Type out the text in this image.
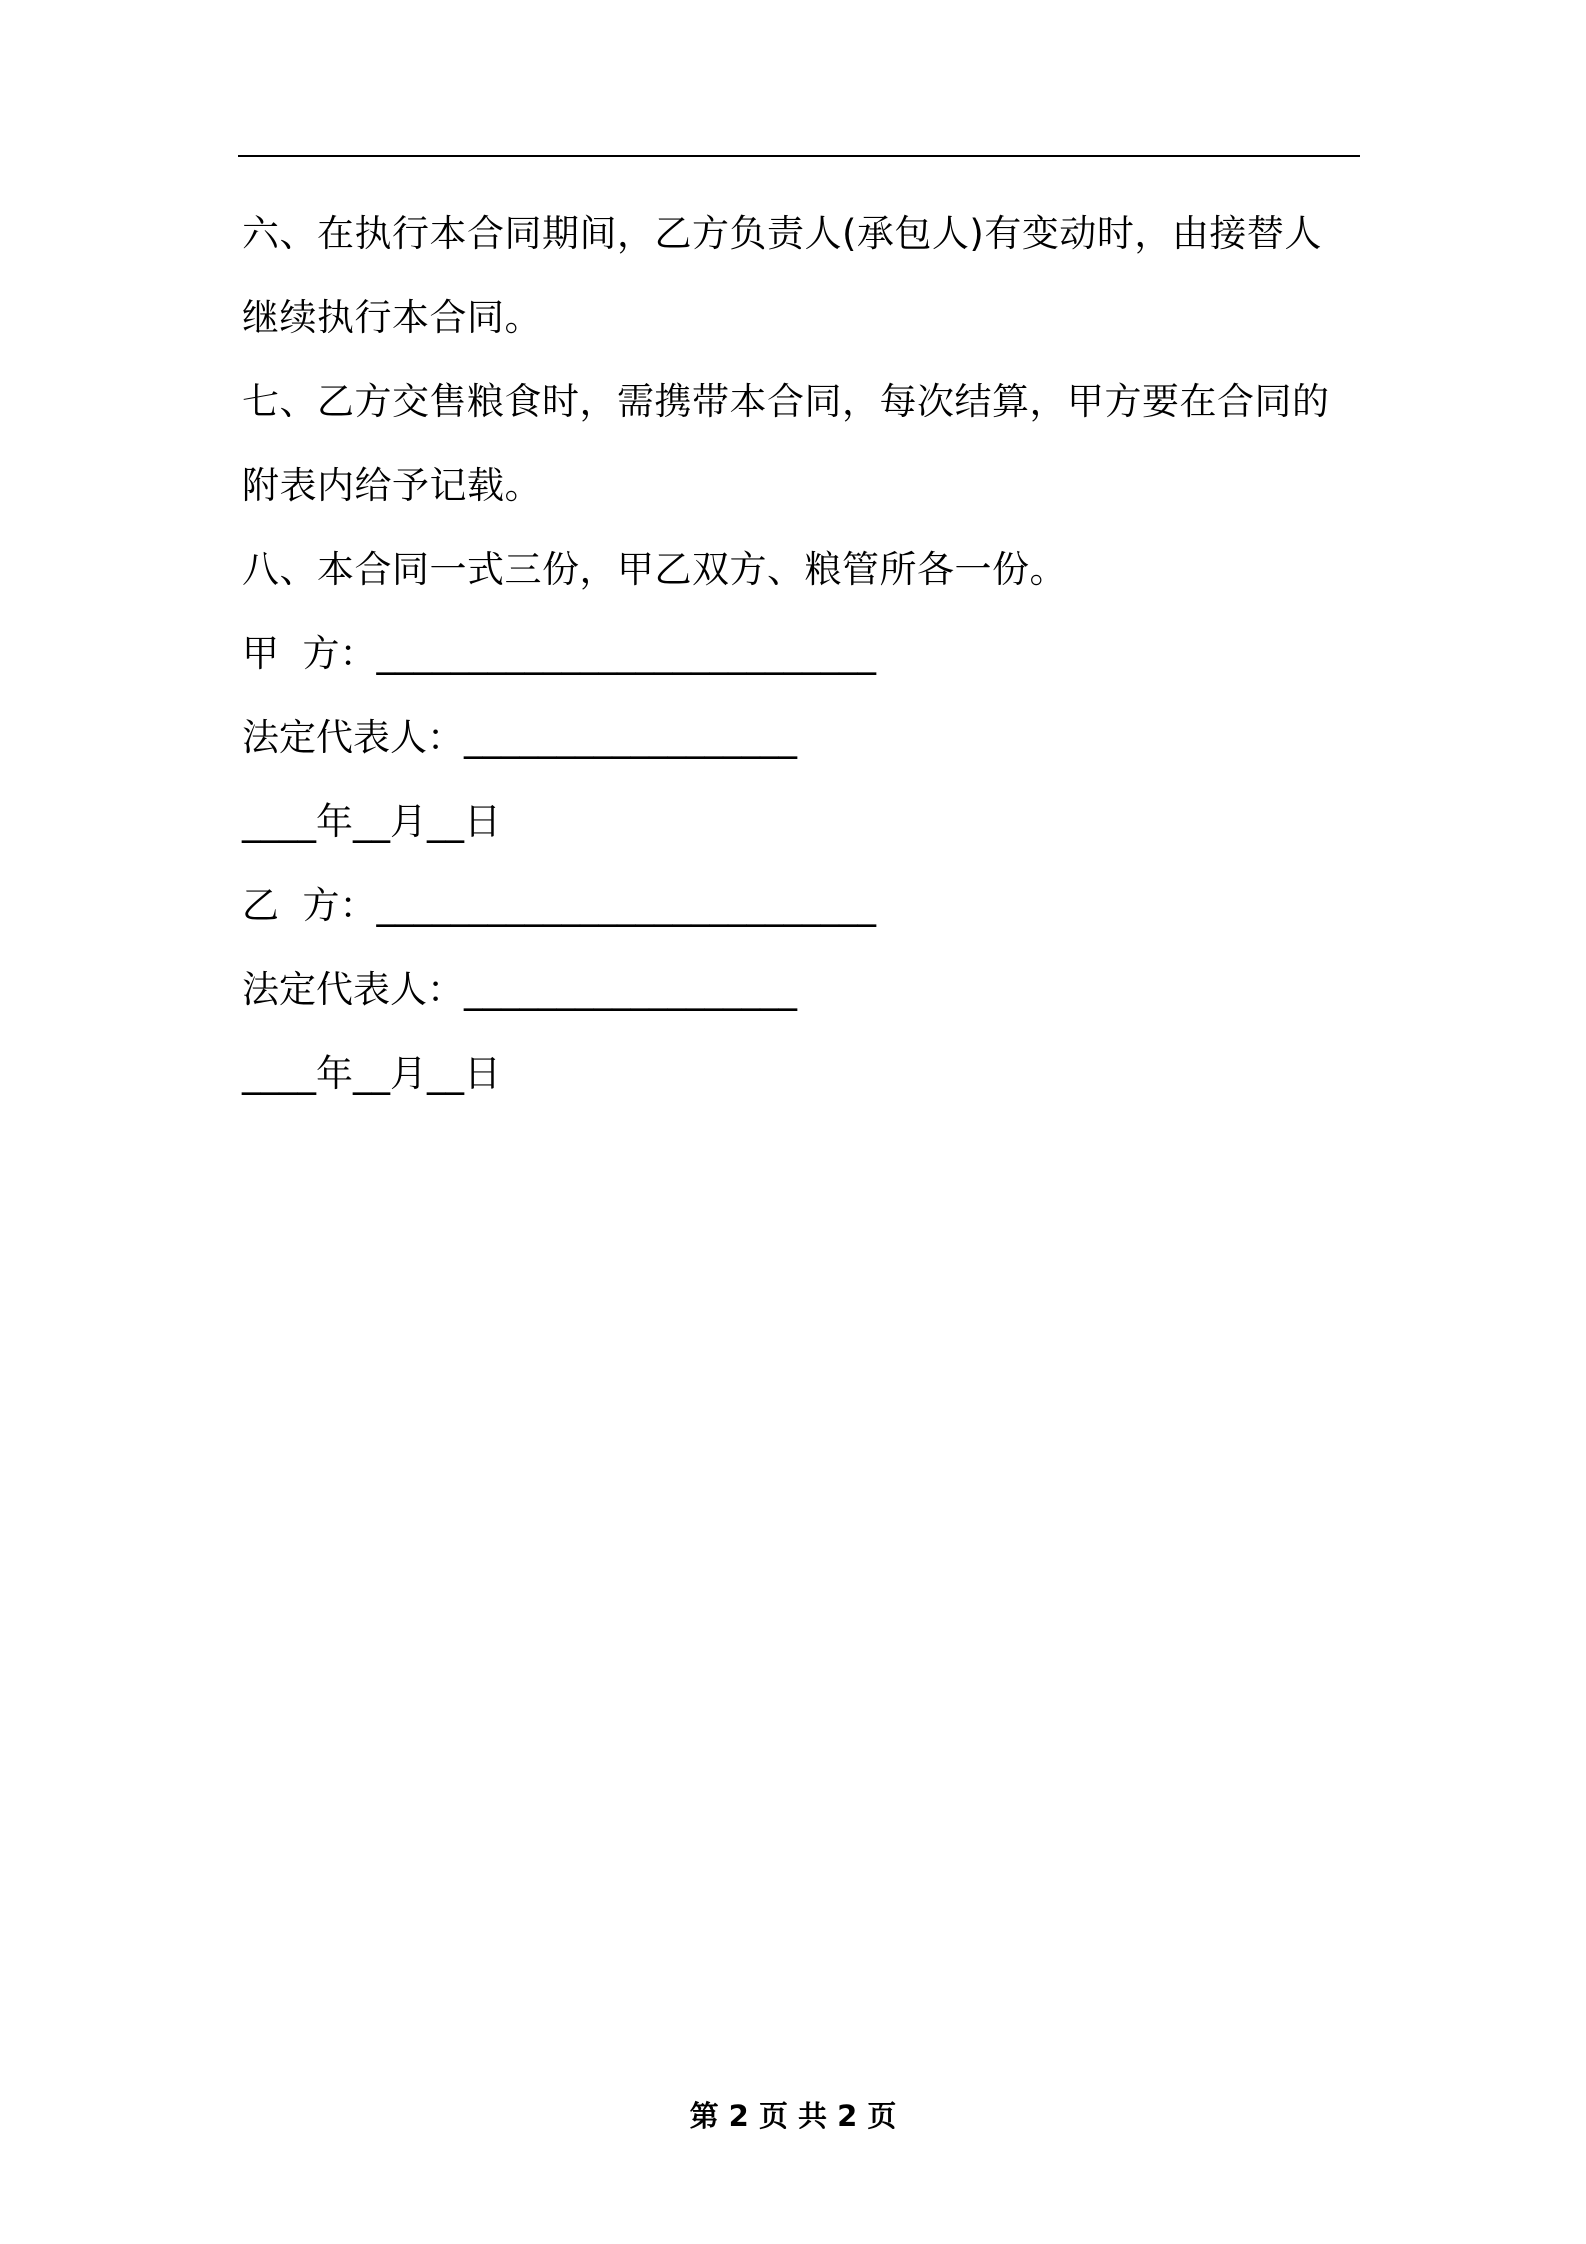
六、在执行本合同期间，乙方负责人(承包人)有变动时，由接替人继续执行本合同。

七、乙方交售粮食时，需携带本合同，每次结算，甲方要在合同的附表内给予记载。

八、本合同一式三份，甲乙双方、粮管所各一份。

甲  方：___________________________

法定代表人：__________________

____年__月__日

乙  方：___________________________

法定代表人：__________________

____年__月__日

第 2 页 共 2 页
